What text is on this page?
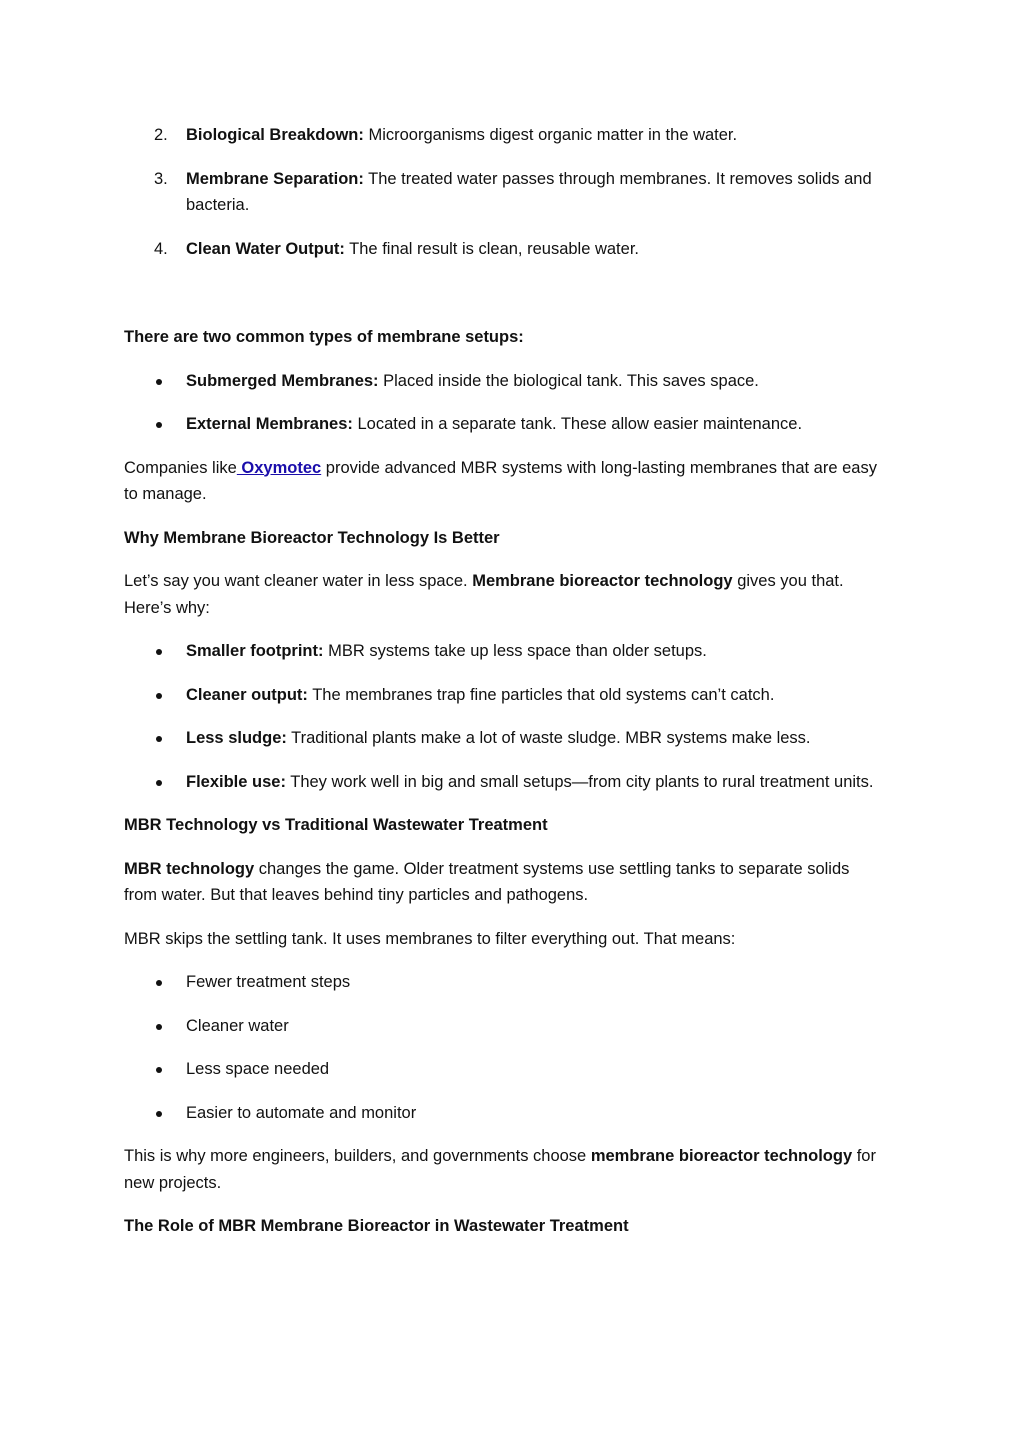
2. Biological Breakdown: Microorganisms digest organic matter in the water.
3. Membrane Separation: The treated water passes through membranes. It removes solids and bacteria.
4. Clean Water Output: The final result is clean, reusable water.

There are two common types of membrane setups:

Submerged Membranes: Placed inside the biological tank. This saves space.
External Membranes: Located in a separate tank. These allow easier maintenance.

Companies like Oxymotec provide advanced MBR systems with long-lasting membranes that are easy to manage.

Why Membrane Bioreactor Technology Is Better

Let’s say you want cleaner water in less space. Membrane bioreactor technology gives you that. Here’s why:

Smaller footprint: MBR systems take up less space than older setups.
Cleaner output: The membranes trap fine particles that old systems can’t catch.
Less sludge: Traditional plants make a lot of waste sludge. MBR systems make less.
Flexible use: They work well in big and small setups—from city plants to rural treatment units.

MBR Technology vs Traditional Wastewater Treatment

MBR technology changes the game. Older treatment systems use settling tanks to separate solids from water. But that leaves behind tiny particles and pathogens.

MBR skips the settling tank. It uses membranes to filter everything out. That means:

Fewer treatment steps
Cleaner water
Less space needed
Easier to automate and monitor

This is why more engineers, builders, and governments choose membrane bioreactor technology for new projects.

The Role of MBR Membrane Bioreactor in Wastewater Treatment
